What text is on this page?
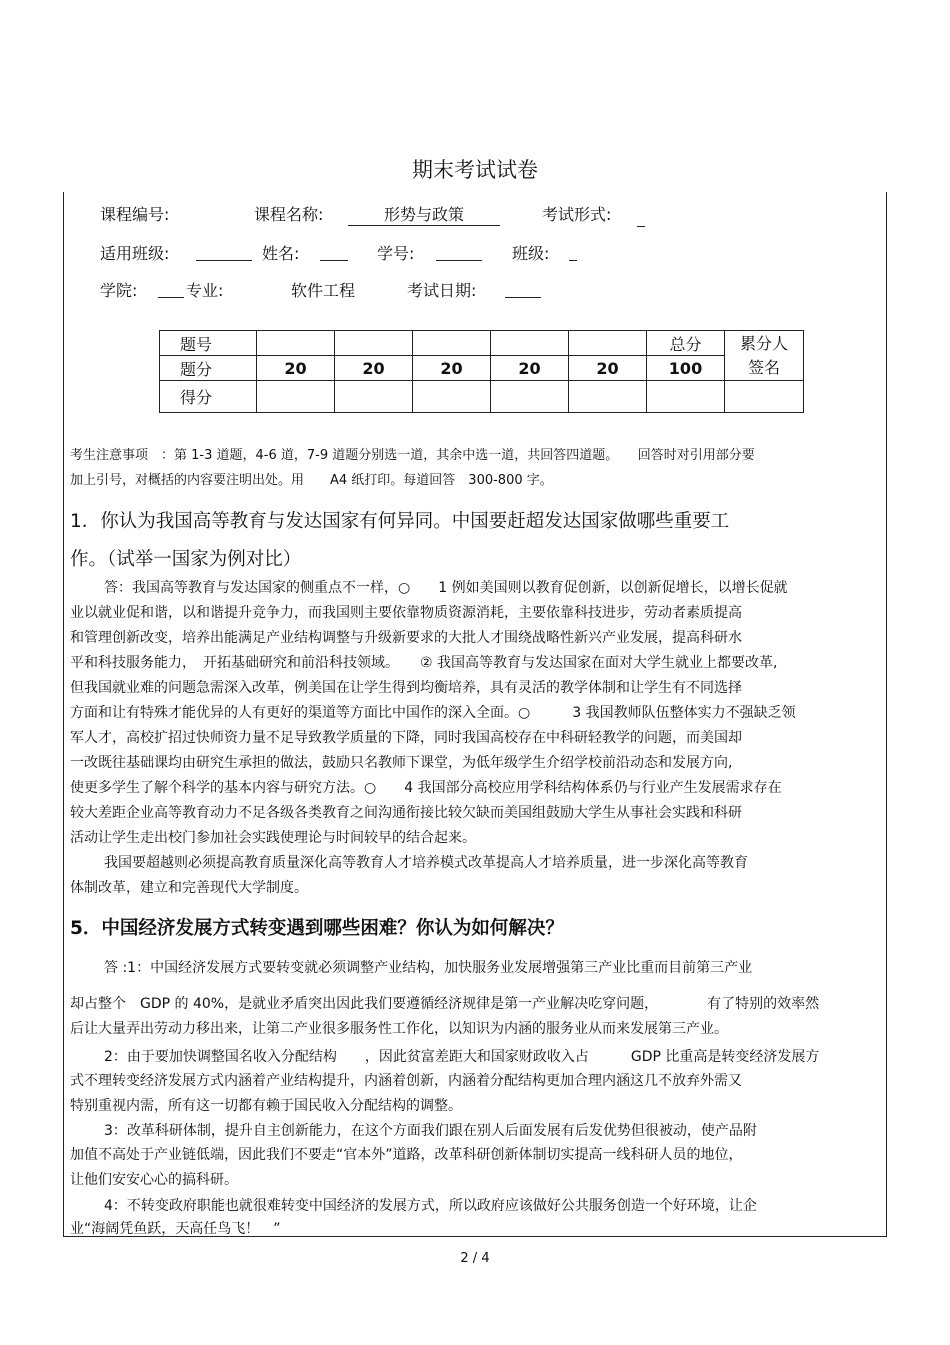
期末考试试卷
课程编号:	课程名称:	形势与政策	考试形式:
适用班级:	姓名:	学号:	班级:
学院:	专业:	软件工程	考试日期:
题号						总分	累分人
签名
题分	20	20	20	20	20	100	
得分							
考生注意事项　：第 1-3 道题，4-6 道，7-9 道题分别选一道，其余中选一道，共回答四道题。　　回答时对引用部分要
加上引号，对概括的内容要注明出处。用　　A4 纸打印。每道回答　300-800 字。
1．你认为我国高等教育与发达国家有何异同。中国要赶超发达国家做哪些重要工
作。（试举一国家为例对比）
答：我国高等教育与发达国家的侧重点不一样，○　　1 例如美国则以教育促创新，以创新促增长，以增长促就
业以就业促和谐，以和谐提升竞争力，而我国则主要依靠物质资源消耗，主要依靠科技进步，劳动者素质提高
和管理创新改变，培养出能满足产业结构调整与升级新要求的大批人才围绕战略性新兴产业发展，提高科研水
平和科技服务能力，　开拓基础研究和前沿科技领域。　　② 我国高等教育与发达国家在面对大学生就业上都要改革,
但我国就业难的问题急需深入改革，例美国在让学生得到均衡培养，具有灵活的教学体制和让学生有不同选择
方面和让有特殊才能优异的人有更好的渠道等方面比中国作的深入全面。○　　　3 我国教师队伍整体实力不强缺乏领
军人才，高校扩招过快师资力量不足导致教学质量的下降，同时我国高校存在中科研轻教学的问题，而美国却
一改既往基础课均由研究生承担的做法，鼓励只名教师下课堂，为低年级学生介绍学校前沿动态和发展方向,
使更多学生了解个科学的基本内容与研究方法。○　　4 我国部分高校应用学科结构体系仍与行业产生发展需求存在
较大差距企业高等教育动力不足各级各类教育之间沟通衔接比较欠缺而美国组鼓励大学生从事社会实践和科研
活动让学生走出校门参加社会实践使理论与时间较早的结合起来。
我国要超越则必须提高教育质量深化高等教育人才培养模式改革提高人才培养质量，进一步深化高等教育
体制改革，建立和完善现代大学制度。
5．中国经济发展方式转变遇到哪些困难？你认为如何解决？
答 :1：中国经济发展方式要转变就必须调整产业结构，加快服务业发展增强第三产业比重而目前第三产业
却占整个　GDP 的 40%，是就业矛盾突出因此我们要遵循经济规律是第一产业解决吃穿问题，　　　　有了特别的效率然
后让大量弄出劳动力移出来，让第二产业很多服务性工作化，以知识为内涵的服务业从而来发展第三产业。
2：由于要加快调整国名收入分配结构　　，因此贫富差距大和国家财政收入占　　　GDP 比重高是转变经济发展方
式不理转变经济发展方式内涵着产业结构提升，内涵着创新，内涵着分配结构更加合理内涵这几不放弃外需又
特别重视内需，所有这一切都有赖于国民收入分配结构的调整。
3：改革科研体制，提升自主创新能力，在这个方面我们跟在别人后面发展有后发优势但很被动，使产品附
加值不高处于产业链低端，因此我们不要走“官本外”道路，改革科研创新体制切实提高一线科研人员的地位，
让他们安安心心的搞科研。
4：不转变政府职能也就很难转变中国经济的发展方式，所以政府应该做好公共服务创造一个好环境，让企
业“海阔凭鱼跃，天高任鸟飞！　”
2 / 4
